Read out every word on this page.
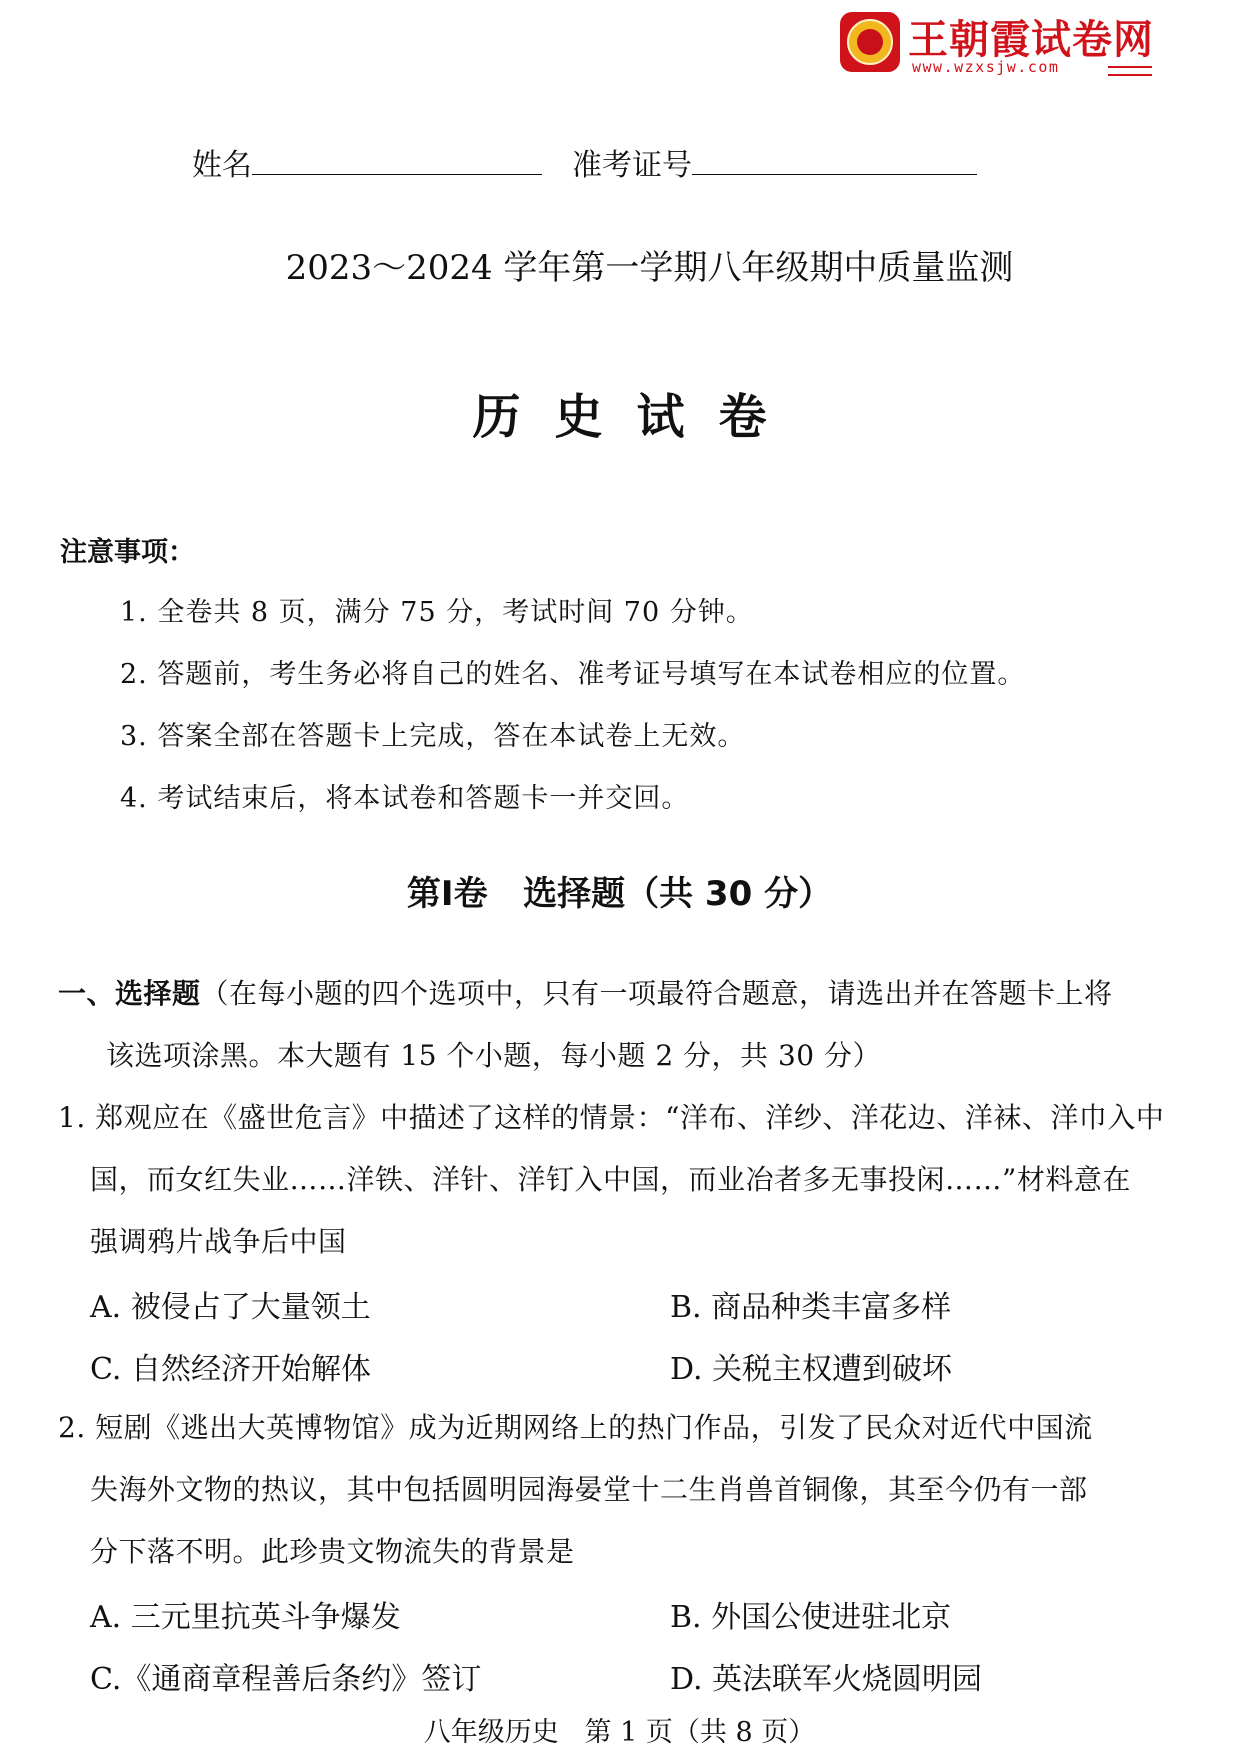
王朝霞试卷网
www.wzxsjw.com
姓名	准考证号
2023～2024 学年第一学期八年级期中质量监测
历史试卷
注意事项：
1. 全卷共 8 页，满分 75 分，考试时间 70 分钟。
2. 答题前，考生务必将自己的姓名、准考证号填写在本试卷相应的位置。
3. 答案全部在答题卡上完成，答在本试卷上无效。
4. 考试结束后，将本试卷和答题卡一并交回。
第Ⅰ卷   选择题（共 30 分）
一、选择题（在每小题的四个选项中，只有一项最符合题意，请选出并在答题卡上将
该选项涂黑。本大题有 15 个小题，每小题 2 分，共 30 分）
1. 郑观应在《盛世危言》中描述了这样的情景：“洋布、洋纱、洋花边、洋袜、洋巾入中
国，而女红失业……洋铁、洋针、洋钉入中国，而业冶者多无事投闲……”材料意在
强调鸦片战争后中国
A. 被侵占了大量领土	B. 商品种类丰富多样
C. 自然经济开始解体	D. 关税主权遭到破坏
2. 短剧《逃出大英博物馆》成为近期网络上的热门作品，引发了民众对近代中国流
失海外文物的热议，其中包括圆明园海晏堂十二生肖兽首铜像，其至今仍有一部
分下落不明。此珍贵文物流失的背景是
A. 三元里抗英斗争爆发	B. 外国公使进驻北京
C.《通商章程善后条约》签订	D. 英法联军火烧圆明园
八年级历史   第 1 页（共 8 页）
